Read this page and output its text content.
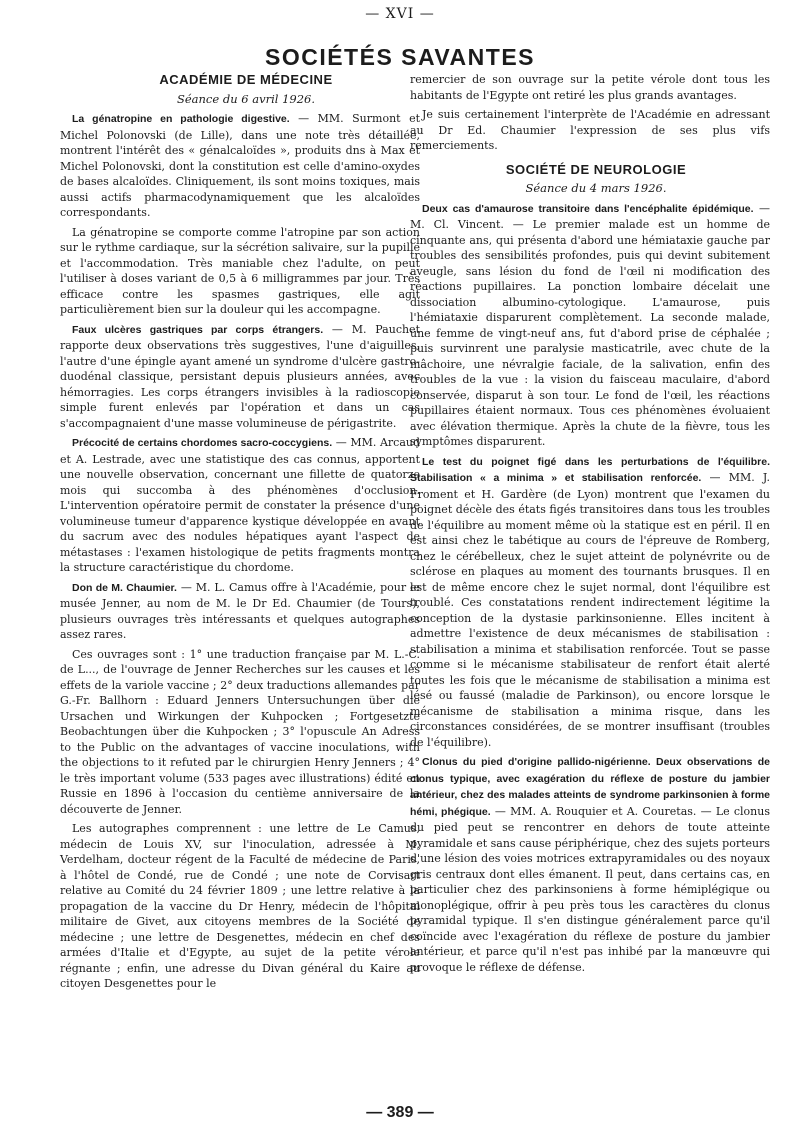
— XVI —
SOCIÉTÉS SAVANTES

ACADÉMIE DE MÉDECINE

Séance du 6 avril 1926.

La génatropine en pathologie digestive. — MM. Surmont et Michel Polonovski (de Lille), dans une note très détaillée, montrent l'intérêt des « génalcaloïdes », produits dns à Max et Michel Polonovski, dont la constitution est celle d'amino-oxydes de bases alcaloïdes. Cliniquement, ils sont moins toxiques, mais aussi actifs pharmacodynamiquement que les alcaloïdes correspondants.

La génatropine se comporte comme l'atropine par son action sur le rythme cardiaque, sur la sécrétion salivaire, sur la pupille et l'accommodation. Très maniable chez l'adulte, on peut l'utiliser à doses variant de 0,5 à 6 milligrammes par jour. Très efficace contre les spasmes gastriques, elle agit particulièrement bien sur la douleur qui les accompagne.

Faux ulcères gastriques par corps étrangers. — M. Pauchet rapporte deux observations très suggestives, l'une d'aiguilles, l'autre d'une épingle ayant amené un syndrome d'ulcère gastro-duodénal classique, persistant depuis plusieurs années, avec hémorragies. Les corps étrangers invisibles à la radioscopie simple furent enlevés par l'opération et dans un cas s'accompagnaient d'une masse volumineuse de périgastrite.

Précocité de certains chordomes sacro-coccygiens. — MM. Arcaud et A. Lestrade, avec une statistique des cas connus, apportent une nouvelle observation, concernant une fillette de quatorze mois qui succomba à des phénomènes d'occlusion. L'intervention opératoire permit de constater la présence d'une volumineuse tumeur d'apparence kystique développée en avant du sacrum avec des nodules hépatiques ayant l'aspect de métastases : l'examen histologique de petits fragments montra la structure caractéristique du chordome.

Don de M. Chaumier. — M. L. Camus offre à l'Académie, pour le musée Jenner, au nom de M. le Dr Ed. Chaumier (de Tours), plusieurs ouvrages très intéressants et quelques autographes assez rares.

Ces ouvrages sont : 1° une traduction française par M. L.-C. de L..., de l'ouvrage de Jenner Recherches sur les causes et les effets de la variole vaccine ; 2° deux traductions allemandes par G.-Fr. Ballhorn : Eduard Jenners Untersuchungen über die Ursachen und Wirkungen der Kuhpocken ; Fortgesetzte Beobachtungen über die Kuhpocken ; 3° l'opuscule An Adress to the Public on the advantages of vaccine inoculations, with the objections to it refuted par le chirurgien Henry Jenners ; 4° le très important volume (533 pages avec illustrations) édité en Russie en 1896 à l'occasion du centième anniversaire de la découverte de Jenner.

Les autographes comprennent : une lettre de Le Camus, médecin de Louis XV, sur l'inoculation, adressée à M. Verdelham, docteur régent de la Faculté de médecine de Paris, à l'hôtel de Condé, rue de Condé ; une note de Corvisart relative au Comité du 24 février 1809 ; une lettre relative à la propagation de la vaccine du Dr Henry, médecin de l'hôpital militaire de Givet, aux citoyens membres de la Société de médecine ; une lettre de Desgenettes, médecin en chef des armées d'Italie et d'Egypte, au sujet de la petite vérole régnante ; enfin, une adresse du Divan général du Kaire au citoyen Desgenettes pour le

remercier de son ouvrage sur la petite vérole dont tous les habitants de l'Egypte ont retiré les plus grands avantages.

Je suis certainement l'interprète de l'Académie en adressant au Dr Ed. Chaumier l'expression de ses plus vifs remerciements.

SOCIÉTÉ DE NEUROLOGIE

Séance du 4 mars 1926.

Deux cas d'amaurose transitoire dans l'encéphalite épidémique. — M. Cl. Vincent. — Le premier malade est un homme de cinquante ans, qui présenta d'abord une hémiataxie gauche par troubles des sensibilités profondes, puis qui devint subitement aveugle, sans lésion du fond de l'œil ni modification des réactions pupillaires. La ponction lombaire décelait une dissociation albumino-cytologique. L'amaurose, puis l'hémiataxie disparurent complètement. La seconde malade, une femme de vingt-neuf ans, fut d'abord prise de céphalée ; puis survinrent une paralysie masticatrile, avec chute de la mâchoire, une névralgie faciale, de la salivation, enfin des troubles de la vue : la vision du faisceau maculaire, d'abord conservée, disparut à son tour. Le fond de l'œil, les réactions pupillaires étaient normaux. Tous ces phénomènes évoluaient avec élévation thermique. Après la chute de la fièvre, tous les symptômes disparurent.

Le test du poignet figé dans les perturbations de l'équilibre. Stabilisation « a minima » et stabilisation renforcée. — MM. J. Froment et H. Gardère (de Lyon) montrent que l'examen du poignet décèle des états figés transitoires dans tous les troubles de l'équilibre au moment même où la statique est en péril. Il en est ainsi chez le tabétique au cours de l'épreuve de Romberg, chez le cérébelleux, chez le sujet atteint de polynévrite ou de sclérose en plaques au moment des tournants brusques. Il en est de même encore chez le sujet normal, dont l'équilibre est troublé. Ces constatations rendent indirectement légitime la conception de la dystasie parkinsonienne. Elles incitent à admettre l'existence de deux mécanismes de stabilisation : stabilisation a minima et stabilisation renforcée. Tout se passe comme si le mécanisme stabilisateur de renfort était alerté toutes les fois que le mécanisme de stabilisation a minima est lésé ou faussé (maladie de Parkinson), ou encore lorsque le mécanisme de stabilisation a minima risque, dans les circonstances considérées, de se montrer insuffisant (troubles de l'équilibre).

Clonus du pied d'origine pallido-nigérienne. Deux observations de clonus typique, avec exagération du réflexe de posture du jambier antérieur, chez des malades atteints de syndrome parkinsonien à forme hémi, phégique. — MM. A. Rouquier et A. Couretas. — Le clonus du pied peut se rencontrer en dehors de toute atteinte pyramidale et sans cause périphérique, chez des sujets porteurs d'une lésion des voies motrices extrapyramidales ou des noyaux gris centraux dont elles émanent. Il peut, dans certains cas, en particulier chez des parkinsoniens à forme hémiplégique ou monoplégique, offrir à peu près tous les caractères du clonus pyramidal typique. Il s'en distingue généralement parce qu'il coïncide avec l'exagération du réflexe de posture du jambier antérieur, et parce qu'il n'est pas inhibé par la manœuvre qui provoque le réflexe de défense.

— 389 —
